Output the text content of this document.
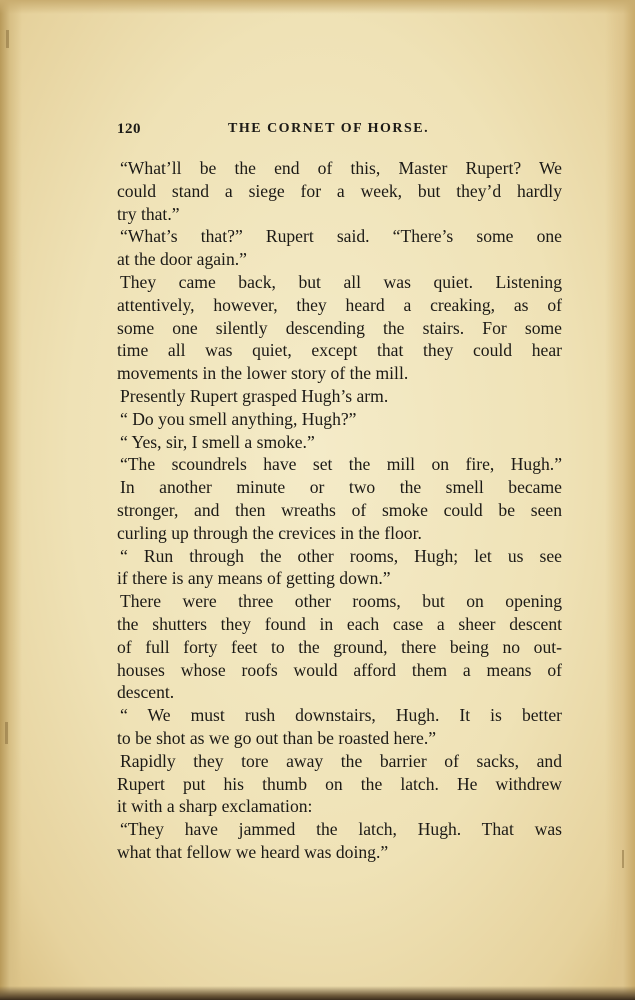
120	THE CORNET OF HORSE.
“What’ll be the end of this, Master Rupert? We
could stand a siege for a week, but they’d hardly
try that.”
“What’s that?” Rupert said. “There’s some one
at the door again.”
They came back, but all was quiet. Listening
attentively, however, they heard a creaking, as of
some one silently descending the stairs. For some
time all was quiet, except that they could hear
movements in the lower story of the mill.
Presently Rupert grasped Hugh’s arm.
“ Do you smell anything, Hugh?”
“ Yes, sir, I smell a smoke.”
“The scoundrels have set the mill on fire, Hugh.”
In another minute or two the smell became
stronger, and then wreaths of smoke could be seen
curling up through the crevices in the floor.
“ Run through the other rooms, Hugh; let us see
if there is any means of getting down.”
There were three other rooms, but on opening
the shutters they found in each case a sheer descent
of full forty feet to the ground, there being no out-
houses whose roofs would afford them a means of
descent.
“ We must rush downstairs, Hugh. It is better
to be shot as we go out than be roasted here.”
Rapidly they tore away the barrier of sacks, and
Rupert put his thumb on the latch. He withdrew
it with a sharp exclamation:
“They have jammed the latch, Hugh. That was
what that fellow we heard was doing.”
